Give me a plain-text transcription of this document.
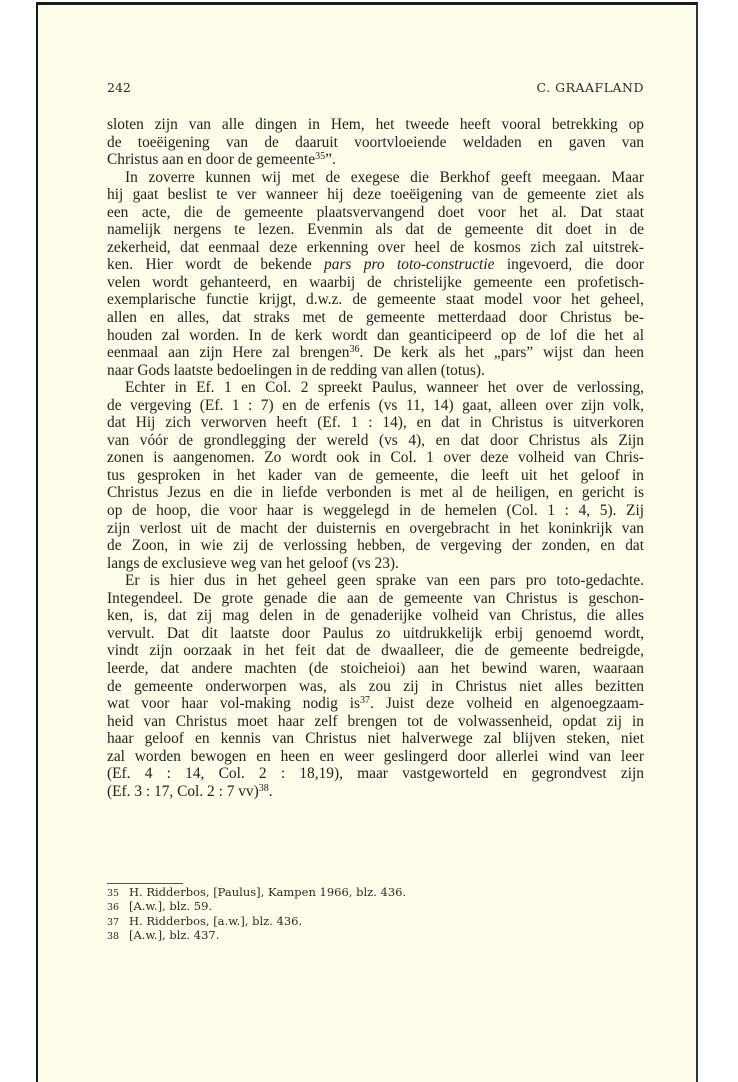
242	C. GRAAFLAND
sloten zijn van alle dingen in Hem, het tweede heeft vooral betrekking op
de toeëigening van de daaruit voortvloeiende weldaden en gaven van
Christus aan en door de gemeente$^{35}$”.
In zoverre kunnen wij met de exegese die Berkhof geeft meegaan. Maar
hij gaat beslist te ver wanneer hij deze toeëigening van de gemeente ziet als
een acte, die de gemeente plaatsvervangend doet voor het al. Dat staat
namelijk nergens te lezen. Evenmin als dat de gemeente dit doet in de
zekerheid, dat eenmaal deze erkenning over heel de kosmos zich zal uitstrek-
ken. Hier wordt de bekende pars pro toto-constructie ingevoerd, die door
velen wordt gehanteerd, en waarbij de christelijke gemeente een profetisch-
exemplarische functie krijgt, d.w.z. de gemeente staat model voor het geheel,
allen en alles, dat straks met de gemeente metterdaad door Christus be-
houden zal worden. In de kerk wordt dan geanticipeerd op de lof die het al
eenmaal aan zijn Here zal brengen$^{36}$. De kerk als het „pars” wijst dan heen
naar Gods laatste bedoelingen in de redding van allen (totus).
Echter in Ef. 1 en Col. 2 spreekt Paulus, wanneer het over de verlossing,
de vergeving (Ef. 1 : 7) en de erfenis (vs 11, 14) gaat, alleen over zijn volk,
dat Hij zich verworven heeft (Ef. 1 : 14), en dat in Christus is uitverkoren
van vóór de grondlegging der wereld (vs 4), en dat door Christus als Zijn
zonen is aangenomen. Zo wordt ook in Col. 1 over deze volheid van Chris-
tus gesproken in het kader van de gemeente, die leeft uit het geloof in
Christus Jezus en die in liefde verbonden is met al de heiligen, en gericht is
op de hoop, die voor haar is weggelegd in de hemelen (Col. 1 : 4, 5). Zij
zijn verlost uit de macht der duisternis en overgebracht in het koninkrijk van
de Zoon, in wie zij de verlossing hebben, de vergeving der zonden, en dat
langs de exclusieve weg van het geloof (vs 23).
Er is hier dus in het geheel geen sprake van een pars pro toto-gedachte.
Integendeel. De grote genade die aan de gemeente van Christus is geschon-
ken, is, dat zij mag delen in de genaderijke volheid van Christus, die alles
vervult. Dat dit laatste door Paulus zo uitdrukkelijk erbij genoemd wordt,
vindt zijn oorzaak in het feit dat de dwaalleer, die de gemeente bedreigde,
leerde, dat andere machten (de stoicheioi) aan het bewind waren, waaraan
de gemeente onderworpen was, als zou zij in Christus niet alles bezitten
wat voor haar vol-making nodig $is^{37}$. Juist deze volheid en algenoegzaam-
heid van Christus moet haar zelf brengen tot de volwassenheid, opdat zij in
haar geloof en kennis van Christus niet halverwege zal blijven steken, niet
zal worden bewogen en heen en weer geslingerd door allerlei wind van leer
(Ef. 4 : 14, Col. 2 : 18,19), maar vastgeworteld en gegrondvest zijn
(Ef. 3 : 17, Col. 2 : 7 vv)$^{38}$.
35 H. Ridderbos, [Paulus], Kampen 1966, blz. 436.
36 [A.w.], blz. 59.
37 H. Ridderbos, [a.w.], blz. 436.
38 [A.w.], blz. 437.
